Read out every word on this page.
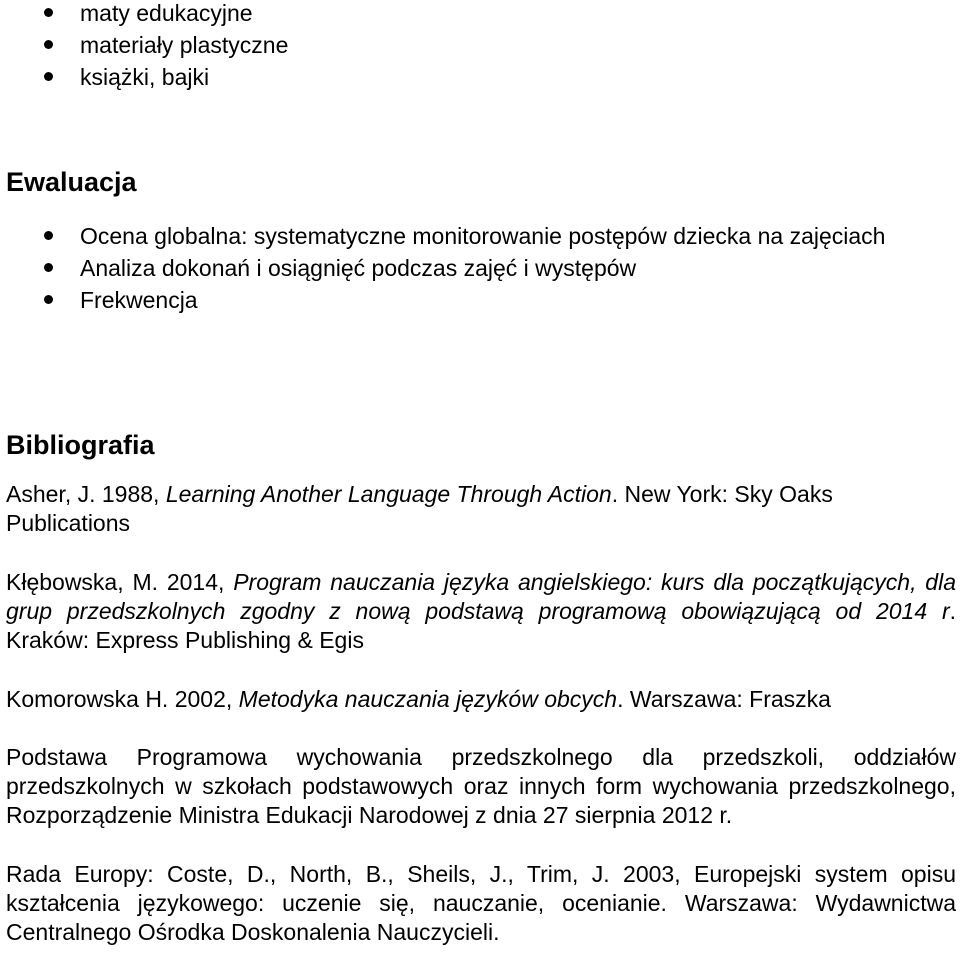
maty edukacyjne
materiały plastyczne
książki, bajki
Ewaluacja
Ocena globalna: systematyczne monitorowanie postępów dziecka na zajęciach
Analiza dokonań i osiągnięć podczas zajęć i występów
Frekwencja
Bibliografia

Asher, J. 1988, Learning Another Language Through Action. New York: Sky Oaks Publications

Kłębowska, M. 2014, Program nauczania języka angielskiego: kurs dla początkujących, dla grup przedszkolnych zgodny z nową podstawą programową obowiązującą od 2014 r. Kraków: Express Publishing & Egis

Komorowska H. 2002, Metodyka nauczania języków obcych. Warszawa: Fraszka

Podstawa Programowa wychowania przedszkolnego dla przedszkoli, oddziałów przedszkolnych w szkołach podstawowych oraz innych form wychowania przedszkolnego, Rozporządzenie Ministra Edukacji Narodowej z dnia 27 sierpnia 2012 r.

Rada Europy: Coste, D., North, B., Sheils, J., Trim, J. 2003, Europejski system opisu kształcenia językowego: uczenie się, nauczanie, ocenianie. Warszawa: Wydawnictwa Centralnego Ośrodka Doskonalenia Nauczycieli.
